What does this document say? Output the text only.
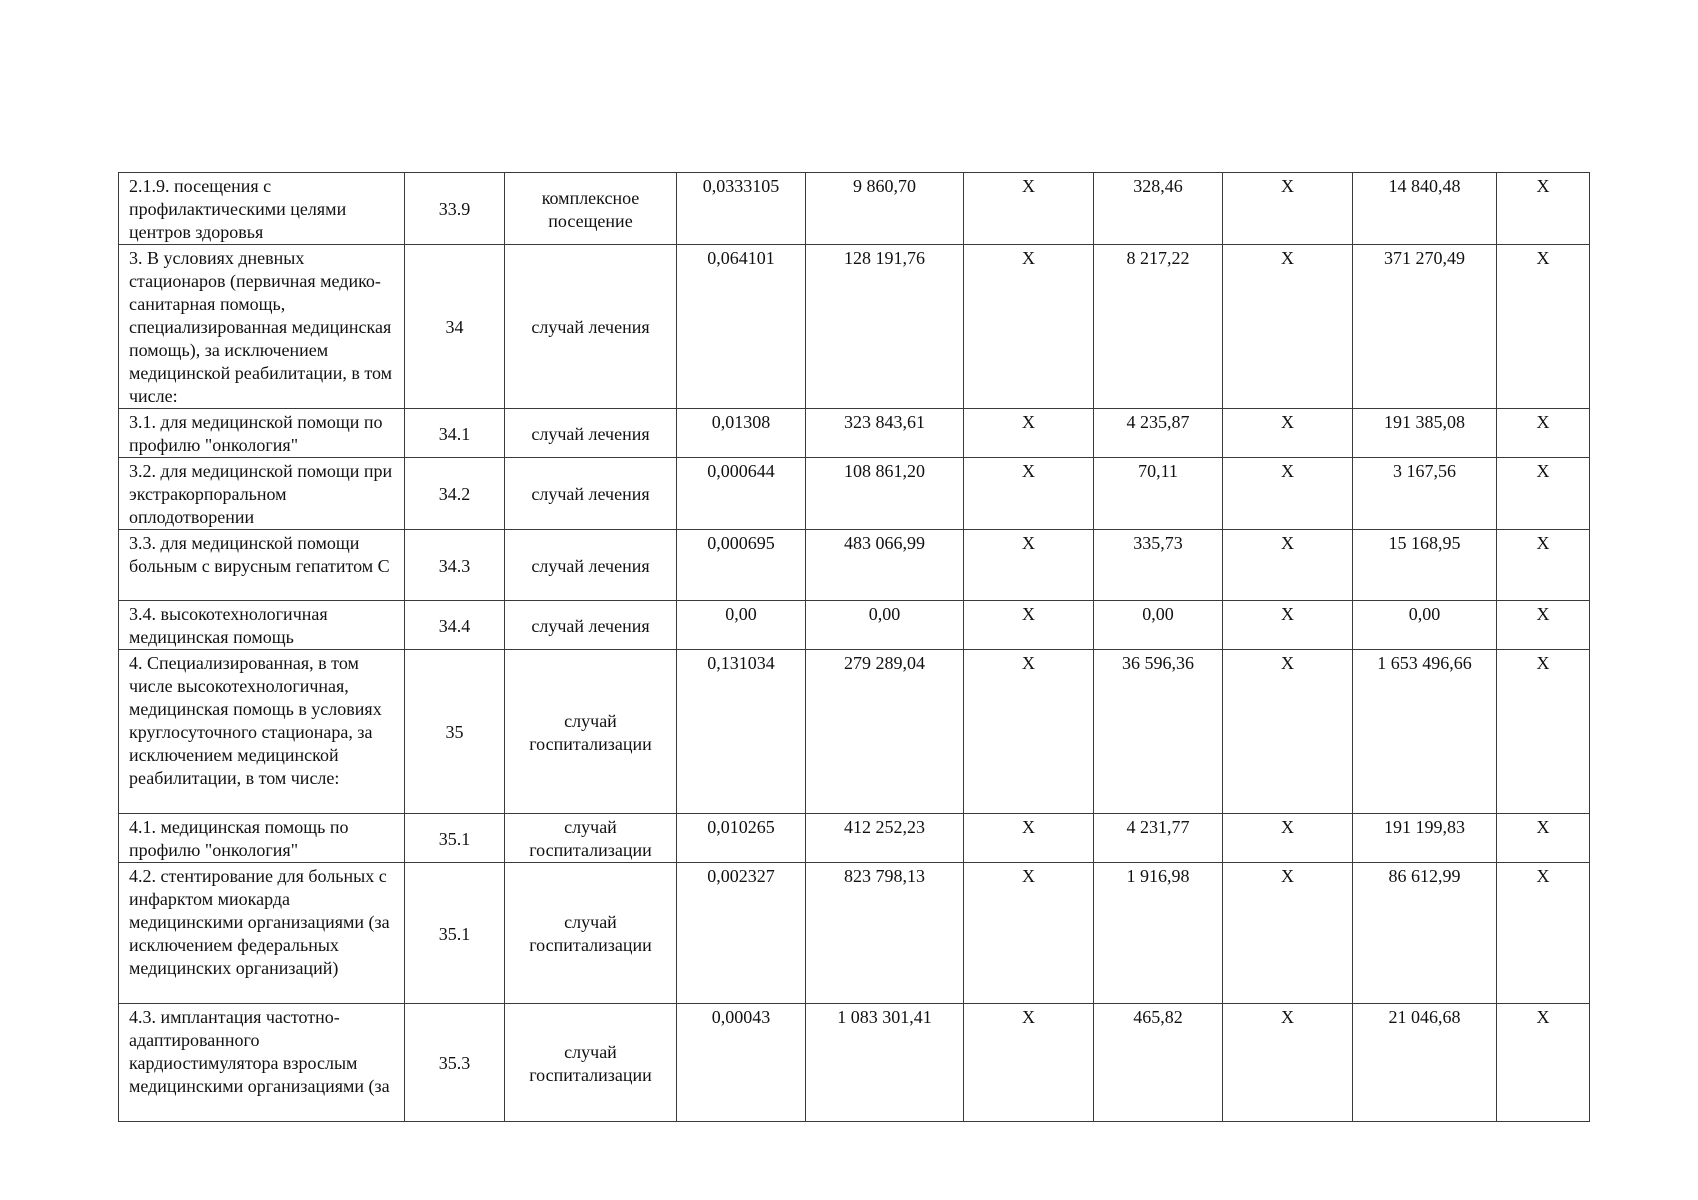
2.1.9. посещения с профилактическими целями центров здоровья	33.9	комплексное посещение	0,0333105	9 860,70	X	328,46	X	14 840,48	X
3. В условиях дневных стационаров (первичная медико-санитарная помощь, специализированная медицинская помощь), за исключением медицинской реабилитации, в том числе:	34	случай лечения	0,064101	128 191,76	X	8 217,22	X	371 270,49	X
3.1. для медицинской помощи по профилю "онкология"	34.1	случай лечения	0,01308	323 843,61	X	4 235,87	X	191 385,08	X
3.2. для медицинской помощи при экстракорпоральном оплодотворении	34.2	случай лечения	0,000644	108 861,20	X	70,11	X	3 167,56	X
3.3. для медицинской помощи больным с вирусным гепатитом С	34.3	случай лечения	0,000695	483 066,99	X	335,73	X	15 168,95	X
3.4. высокотехнологичная медицинская помощь	34.4	случай лечения	0,00	0,00	X	0,00	X	0,00	X
4. Специализированная, в том числе высокотехнологичная, медицинская помощь в условиях круглосуточного стационара, за исключением медицинской реабилитации, в том числе:	35	случай госпитализации	0,131034	279 289,04	X	36 596,36	X	1 653 496,66	X
4.1. медицинская помощь по профилю "онкология"	35.1	случай госпитализации	0,010265	412 252,23	X	4 231,77	X	191 199,83	X
4.2. стентирование для больных с инфарктом миокарда медицинскими организациями (за исключением федеральных медицинских организаций)	35.1	случай госпитализации	0,002327	823 798,13	X	1 916,98	X	86 612,99	X
4.3. имплантация частотно-адаптированного кардиостимулятора взрослым медицинскими организациями (за	35.3	случай госпитализации	0,00043	1 083 301,41	X	465,82	X	21 046,68	X
